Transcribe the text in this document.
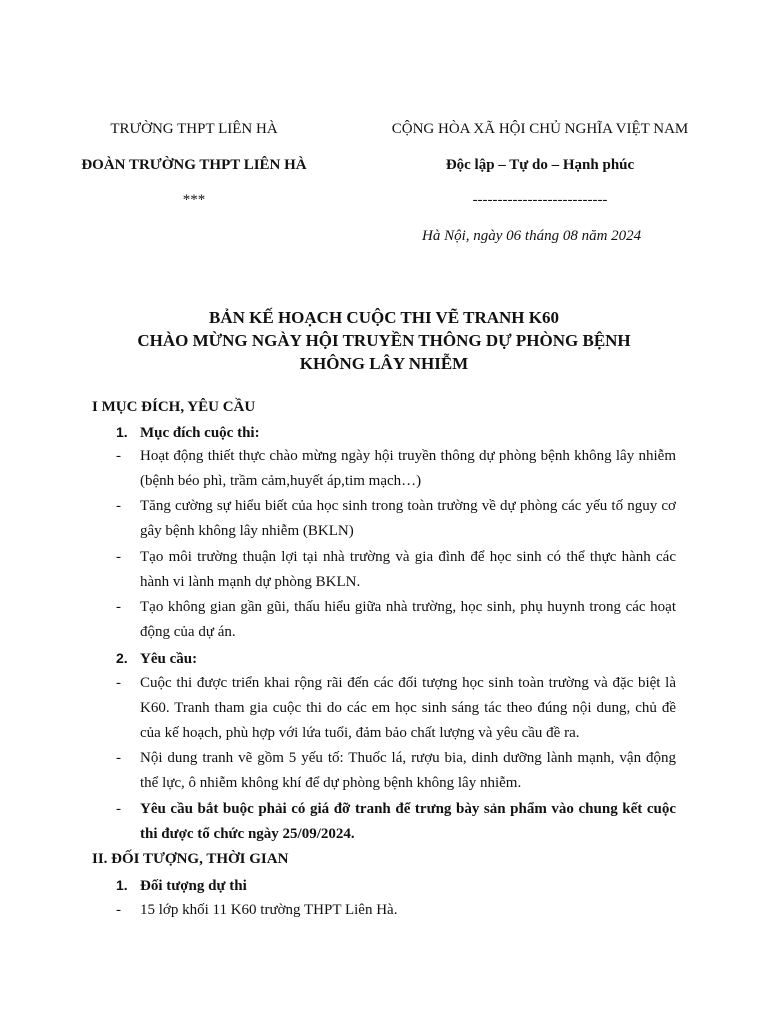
TRƯỜNG THPT LIÊN HÀ
ĐOÀN TRƯỜNG THPT LIÊN HÀ
***
CỘNG HÒA XÃ HỘI CHỦ NGHĨA VIỆT NAM
Độc lập – Tự do – Hạnh phúc
---------------------------
Hà Nội, ngày 06 tháng 08 năm 2024
BẢN KẾ HOẠCH CUỘC THI VẼ TRANH K60
CHÀO MỪNG NGÀY HỘI TRUYỀN THÔNG DỰ PHÒNG BỆNH
KHÔNG LÂY NHIỄM
I MỤC ĐÍCH, YÊU CẦU
1. Mục đích cuộc thi:
- Hoạt động thiết thực chào mừng ngày hội truyền thông dự phòng bệnh không lây nhiễm (bệnh béo phì, trầm cảm,huyết áp,tim mạch…)
- Tăng cường sự hiểu biết của học sinh trong toàn trường về dự phòng các yếu tố nguy cơ gây bệnh không lây nhiễm (BKLN)
- Tạo môi trường thuận lợi tại nhà trường và gia đình để học sinh có thể thực hành các hành vi lành mạnh dự phòng BKLN.
- Tạo không gian gần gũi, thấu hiểu giữa nhà trường, học sinh, phụ huynh trong các hoạt động của dự án.
2. Yêu cầu:
- Cuộc thi được triển khai rộng rãi đến các đối tượng học sinh toàn trường và đặc biệt là K60. Tranh tham gia cuộc thi do các em học sinh sáng tác theo đúng nội dung, chủ đề của kế hoạch, phù hợp với lứa tuổi, đảm bảo chất lượng và yêu cầu đề ra.
- Nội dung tranh vẽ gồm 5 yếu tố: Thuốc lá, rượu bia, dinh dưỡng lành mạnh, vận động thể lực, ô nhiễm không khí để dự phòng bệnh không lây nhiễm.
- Yêu cầu bắt buộc phải có giá đỡ tranh để trưng bày sản phẩm vào chung kết cuộc thi được tổ chức ngày 25/09/2024.
II. ĐỐI TƯỢNG, THỜI GIAN
1. Đối tượng dự thi
- 15 lớp khối 11 K60 trường THPT Liên Hà.
